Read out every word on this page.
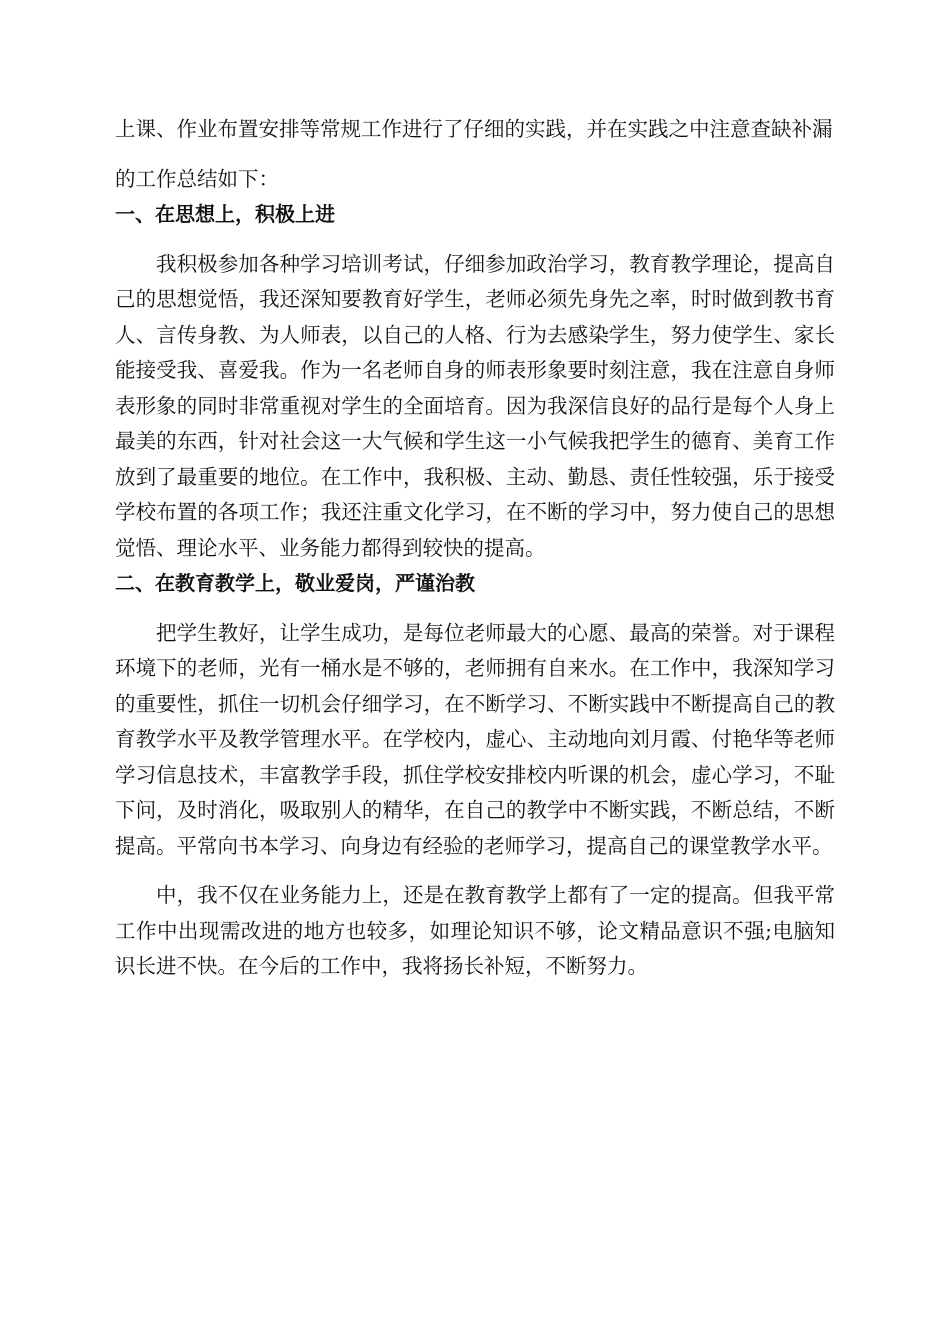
上课、作业布置安排等常规工作进行了仔细的实践，并在实践之中注意查缺补漏

的工作总结如下：

一、在思想上，积极上进

我积极参加各种学习培训考试，仔细参加政治学习，教育教学理论，提高自己的思想觉悟，我还深知要教育好学生，老师必须先身先之率，时时做到教书育人、言传身教、为人师表，以自己的人格、行为去感染学生，努力使学生、家长能接受我、喜爱我。作为一名老师自身的师表形象要时刻注意，我在注意自身师表形象的同时非常重视对学生的全面培育。因为我深信良好的品行是每个人身上最美的东西，针对社会这一大气候和学生这一小气候我把学生的德育、美育工作放到了最重要的地位。在工作中，我积极、主动、勤恳、责任性较强，乐于接受学校布置的各项工作；我还注重文化学习，在不断的学习中，努力使自己的思想觉悟、理论水平、业务能力都得到较快的提高。

二、在教育教学上，敬业爱岗，严谨治教

把学生教好，让学生成功，是每位老师最大的心愿、最高的荣誉。对于课程环境下的老师，光有一桶水是不够的，老师拥有自来水。在工作中，我深知学习的重要性，抓住一切机会仔细学习，在不断学习、不断实践中不断提高自己的教育教学水平及教学管理水平。在学校内，虚心、主动地向刘月霞、付艳华等老师学习信息技术，丰富教学手段，抓住学校安排校内听课的机会，虚心学习，不耻下问，及时消化，吸取别人的精华，在自己的教学中不断实践，不断总结，不断提高。平常向书本学习、向身边有经验的老师学习，提高自己的课堂教学水平。

中，我不仅在业务能力上，还是在教育教学上都有了一定的提高。但我平常工作中出现需改进的地方也较多，如理论知识不够，论文精品意识不强;电脑知识长进不快。在今后的工作中，我将扬长补短，不断努力。
